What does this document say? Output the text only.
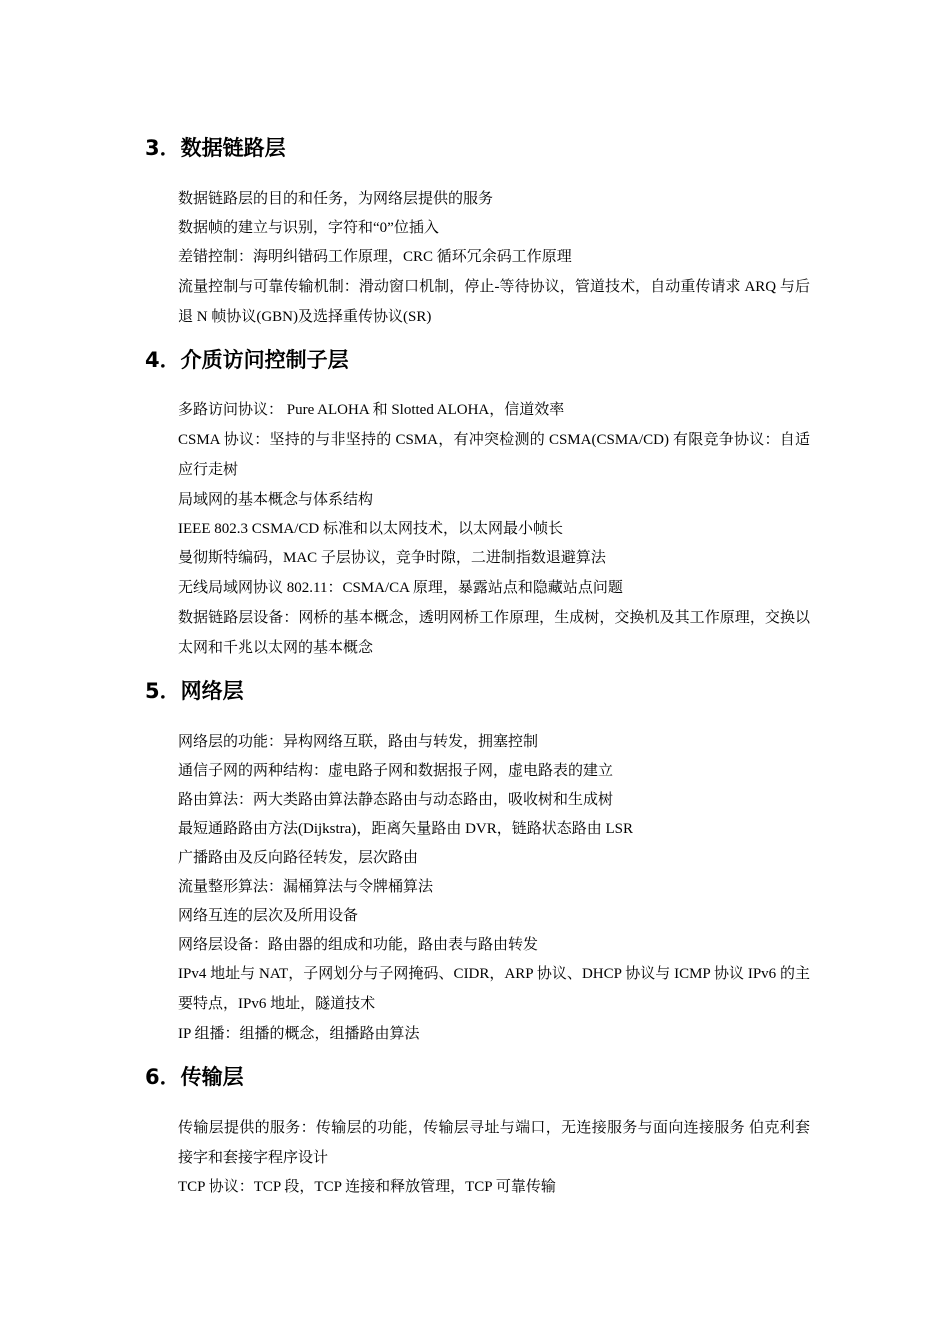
3．数据链路层

数据链路层的目的和任务，为网络层提供的服务

数据帧的建立与识别，字符和“0”位插入

差错控制：海明纠错码工作原理，CRC 循环冗余码工作原理

流量控制与可靠传输机制：滑动窗口机制，停止-等待协议，管道技术，自动重传请求 ARQ 与后退 N 帧协议(GBN)及选择重传协议(SR)

4．介质访问控制子层

多路访问协议： Pure ALOHA 和 Slotted ALOHA，信道效率

CSMA 协议：坚持的与非坚持的 CSMA，有冲突检测的 CSMA(CSMA/CD) 有限竞争协议：自适应行走树

局域网的基本概念与体系结构

IEEE 802.3 CSMA/CD 标准和以太网技术，以太网最小帧长

曼彻斯特编码，MAC 子层协议，竞争时隙，二进制指数退避算法

无线局域网协议 802.11：CSMA/CA 原理，暴露站点和隐藏站点问题

数据链路层设备：网桥的基本概念，透明网桥工作原理，生成树，交换机及其工作原理，交换以太网和千兆以太网的基本概念

5．网络层

网络层的功能：异构网络互联，路由与转发，拥塞控制

通信子网的两种结构：虚电路子网和数据报子网，虚电路表的建立

路由算法：两大类路由算法静态路由与动态路由，吸收树和生成树

最短通路路由方法(Dijkstra)，距离矢量路由 DVR，链路状态路由 LSR

广播路由及反向路径转发，层次路由

流量整形算法：漏桶算法与令牌桶算法

网络互连的层次及所用设备

网络层设备：路由器的组成和功能，路由表与路由转发

IPv4 地址与 NAT，子网划分与子网掩码、CIDR，ARP 协议、DHCP 协议与 ICMP 协议 IPv6 的主要特点，IPv6 地址，隧道技术

IP 组播：组播的概念，组播路由算法

6．传输层

传输层提供的服务：传输层的功能，传输层寻址与端口，无连接服务与面向连接服务 伯克利套接字和套接字程序设计

TCP 协议：TCP 段，TCP 连接和释放管理，TCP 可靠传输
